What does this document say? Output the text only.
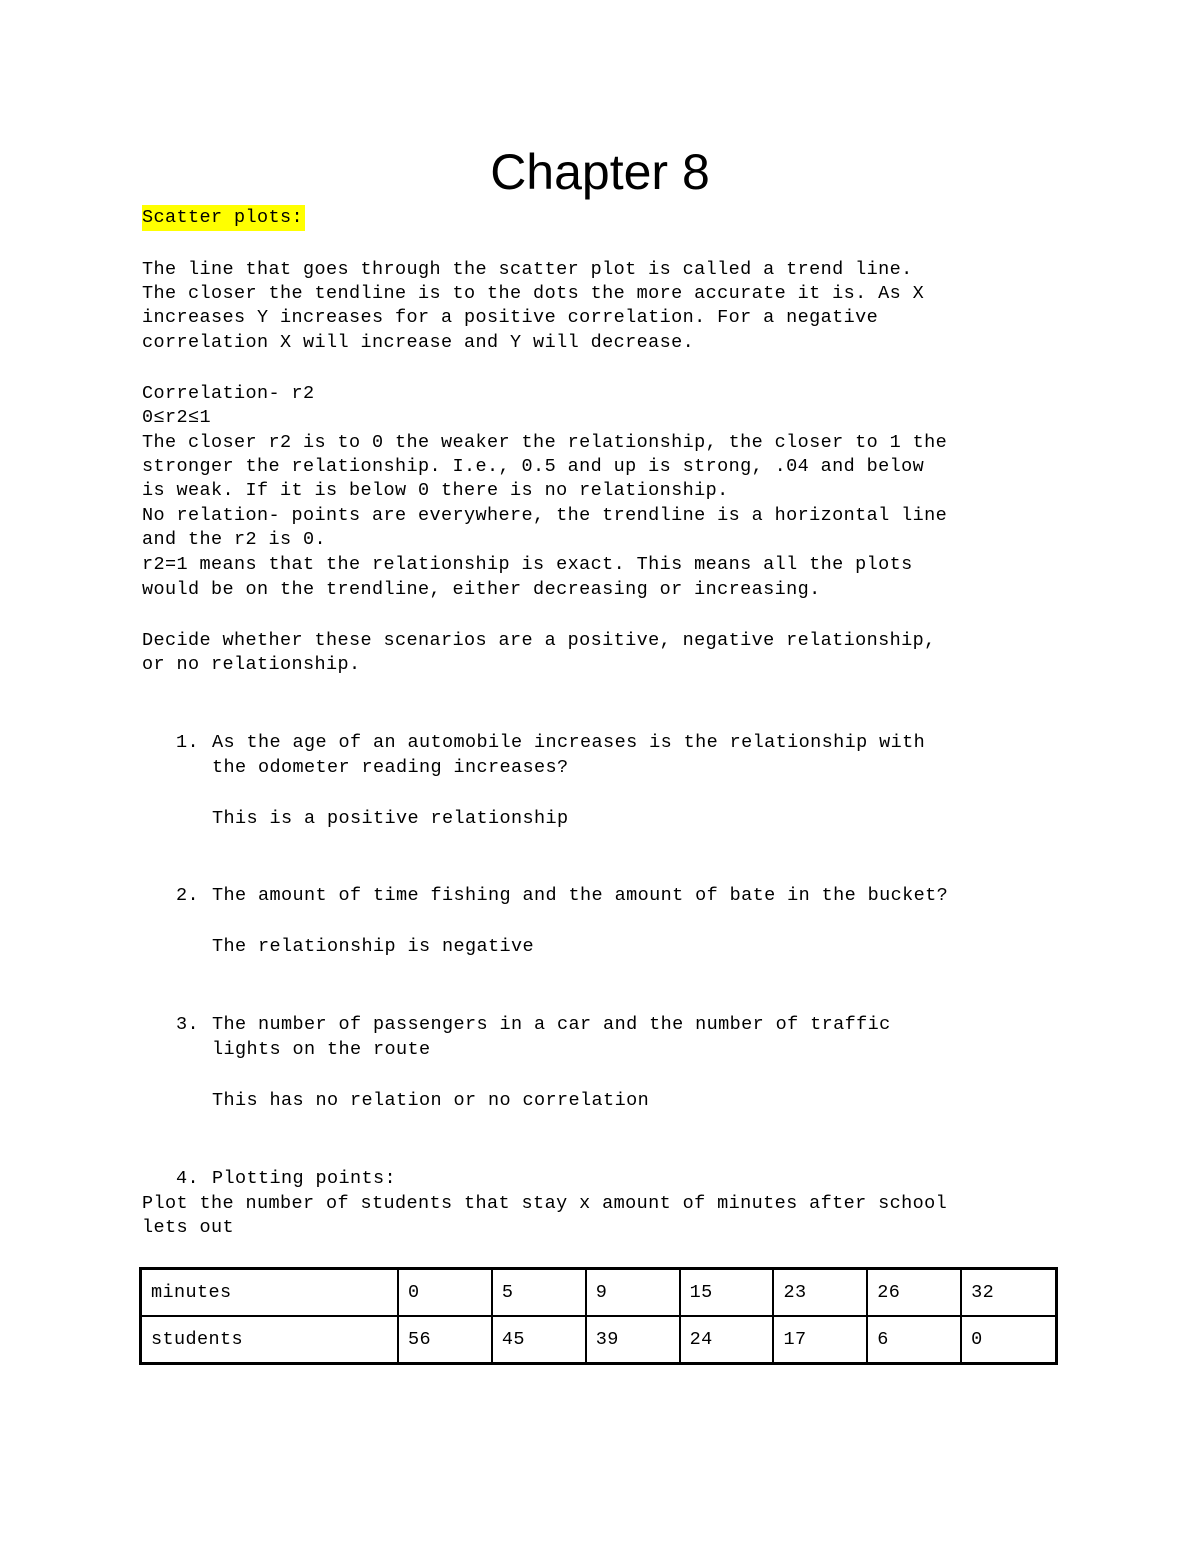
Chapter 8
Scatter plots:
The line that goes through the scatter plot is called a trend line.
The closer the tendline is to the dots the more accurate it is. As X
increases Y increases for a positive correlation. For a negative
correlation X will increase and Y will decrease.
Correlation- r2
0≤r2≤1
The closer r2 is to 0 the weaker the relationship, the closer to 1 the
stronger the relationship. I.e., 0.5 and up is strong, .04 and below
is weak. If it is below 0 there is no relationship.
No relation- points are everywhere, the trendline is a horizontal line
and the r2 is 0.
r2=1 means that the relationship is exact. This means all the plots
would be on the trendline, either decreasing or increasing.
Decide whether these scenarios are a positive, negative relationship,
or no relationship.
1. As the age of an automobile increases is the relationship with
the odometer reading increases?
This is a positive relationship
2. The amount of time fishing and the amount of bate in the bucket?
The relationship is negative
3. The number of passengers in a car and the number of traffic
lights on the route
This has no relation or no correlation
4. Plotting points:
Plot the number of students that stay x amount of minutes after school
lets out
minutes	0	5	9	15	23	26	32
students	56	45	39	24	17	6	0
